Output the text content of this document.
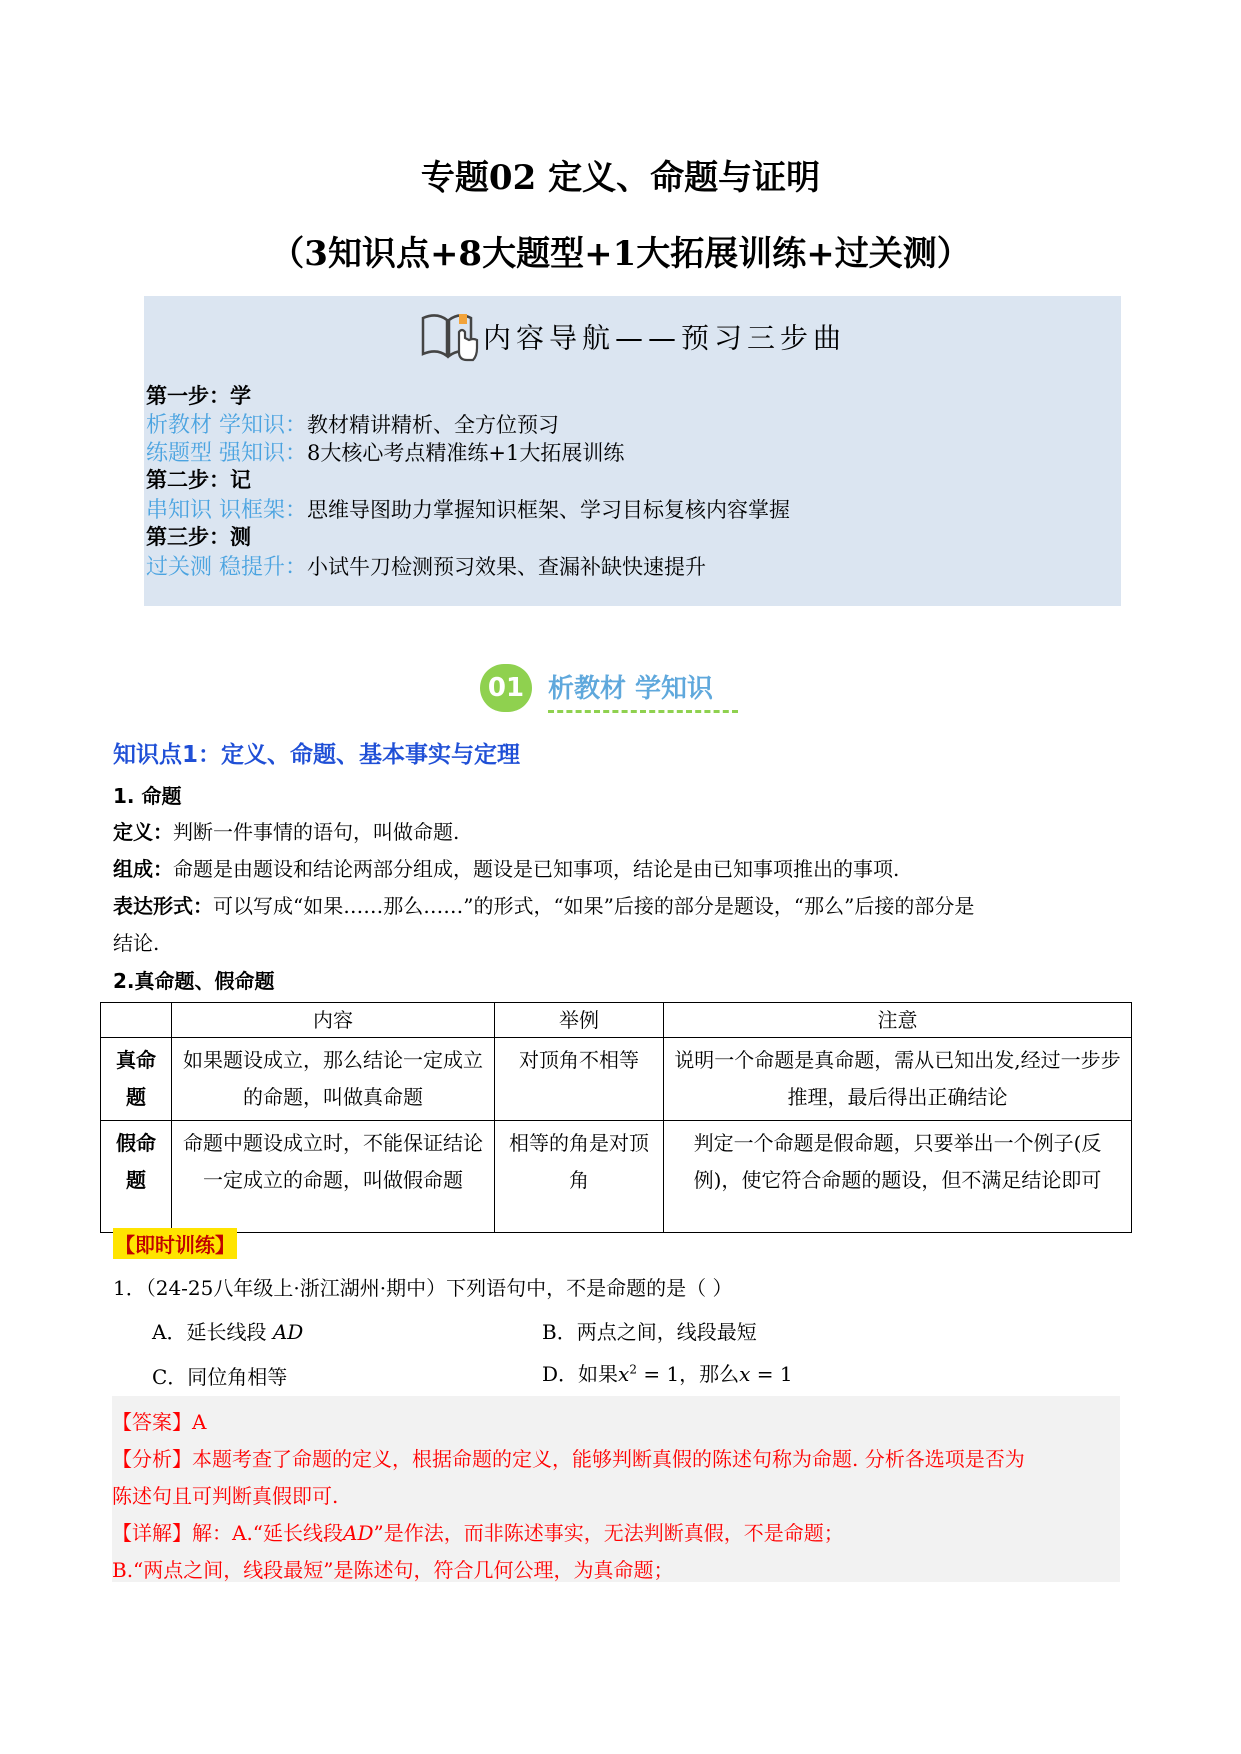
专题02 定义、命题与证明
（3知识点+8大题型+1大拓展训练+过关测）
内容导航——预习三步曲
第一步：学
析教材 学知识：教材精讲精析、全方位预习
练题型 强知识：8大核心考点精准练+1大拓展训练
第二步：记
串知识 识框架：思维导图助力掌握知识框架、学习目标复核内容掌握
第三步：测
过关测 稳提升：小试牛刀检测预习效果、查漏补缺快速提升
01 析教材 学知识
知识点1：定义、命题、基本事实与定理
1. 命题
定义：判断一件事情的语句，叫做命题.
组成：命题是由题设和结论两部分组成，题设是已知事项，结论是由已知事项推出的事项.
表达形式：可以写成“如果……那么……”的形式，“如果”后接的部分是题设，“那么”后接的部分是
结论.
2.真命题、假命题
	内容	举例	注意
真命题	如果题设成立，那么结论一定成立的命题，叫做真命题	对顶角不相等	说明一个命题是真命题，需从已知出发,经过一步步推理，最后得出正确结论
假命题	命题中题设成立时，不能保证结论一定成立的命题，叫做假命题	相等的角是对顶角	判定一个命题是假命题，只要举出一个例子(反例)，使它符合命题的题设，但不满足结论即可
【即时训练】
1．（24-25八年级上·浙江湖州·期中）下列语句中，不是命题的是（ ）
A．延长线段 AD	B．两点之间，线段最短
C．同位角相等	D．如果$x^2 = 1$，那么x = 1
【答案】A
【分析】本题考查了命题的定义，根据命题的定义，能够判断真假的陈述句称为命题. 分析各选项是否为
陈述句且可判断真假即可.
【详解】解：A.“延长线段AD”是作法，而非陈述事实，无法判断真假，不是命题；
B.“两点之间，线段最短”是陈述句，符合几何公理，为真命题；
